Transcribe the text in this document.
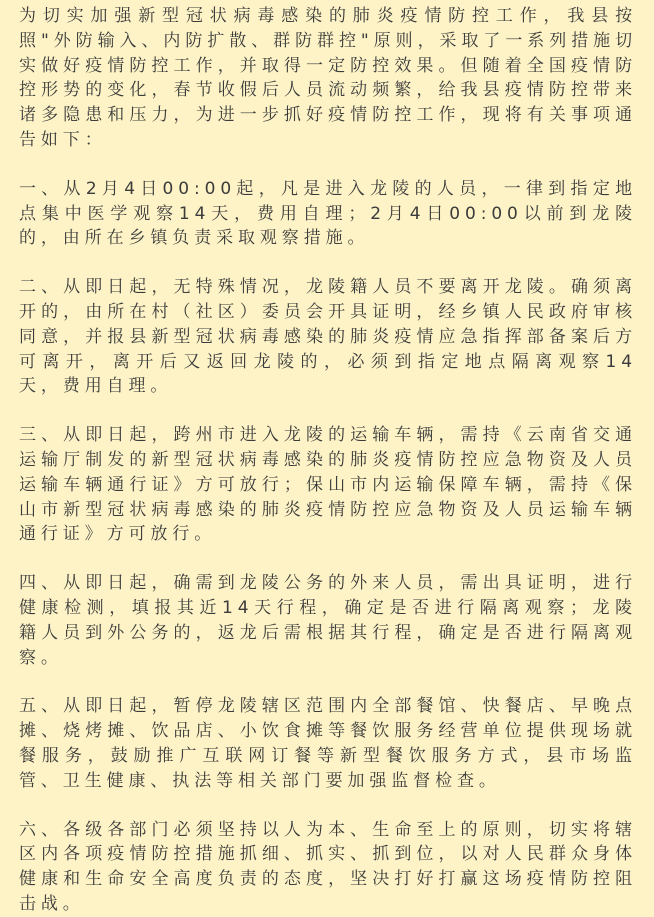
为切实加强新型冠状病毒感染的肺炎疫情防控工作，我县按照"外防输入、内防扩散、群防群控"原则，采取了一系列措施切实做好疫情防控工作，并取得一定防控效果。但随着全国疫情防控形势的变化，春节收假后人员流动频繁，给我县疫情防控带来诸多隐患和压力，为进一步抓好疫情防控工作，现将有关事项通告如下：

一、从2月4日00:00起，凡是进入龙陵的人员，一律到指定地点集中医学观察14天，费用自理；2月4日00:00以前到龙陵的，由所在乡镇负责采取观察措施。

二、从即日起，无特殊情况，龙陵籍人员不要离开龙陵。确须离开的，由所在村（社区）委员会开具证明，经乡镇人民政府审核同意，并报县新型冠状病毒感染的肺炎疫情应急指挥部备案后方可离开，离开后又返回龙陵的，必须到指定地点隔离观察14天，费用自理。

三、从即日起，跨州市进入龙陵的运输车辆，需持《云南省交通运输厅制发的新型冠状病毒感染的肺炎疫情防控应急物资及人员运输车辆通行证》方可放行；保山市内运输保障车辆，需持《保山市新型冠状病毒感染的肺炎疫情防控应急物资及人员运输车辆通行证》方可放行。

四、从即日起，确需到龙陵公务的外来人员，需出具证明，进行健康检测，填报其近14天行程，确定是否进行隔离观察；龙陵籍人员到外公务的，返龙后需根据其行程，确定是否进行隔离观察。

五、从即日起，暂停龙陵辖区范围内全部餐馆、快餐店、早晚点摊、烧烤摊、饮品店、小饮食摊等餐饮服务经营单位提供现场就餐服务，鼓励推广互联网订餐等新型餐饮服务方式，县市场监管、卫生健康、执法等相关部门要加强监督检查。

六、各级各部门必须坚持以人为本、生命至上的原则，切实将辖区内各项疫情防控措施抓细、抓实、抓到位，以对人民群众身体健康和生命安全高度负责的态度，坚决打好打赢这场疫情防控阻击战。
